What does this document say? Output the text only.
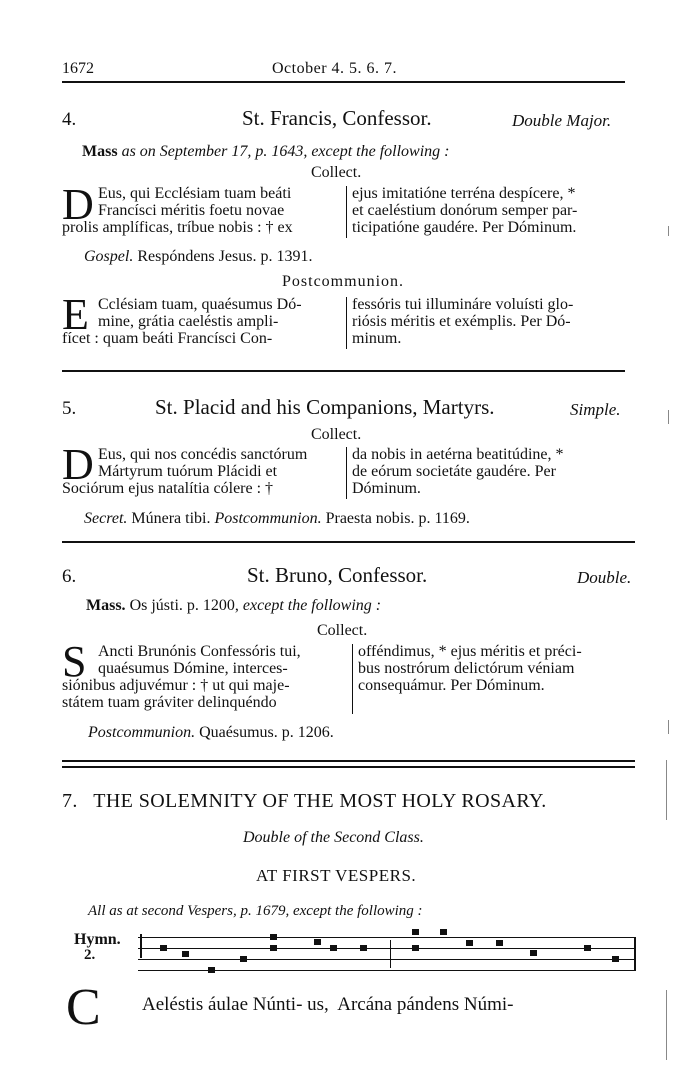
1672	October 4. 5. 6. 7.
4.	St. Francis, Confessor.	Double Major.
Mass as on September 17, p. 1643, except the following :
Collect.
D Eus, qui Ecclésiam tuam beáti
Francísci méritis foetu novae
prolis amplíficas, tríbue nobis : † ex
ejus imitatióne terréna despícere, *
et caeléstium donórum semper par-
ticipatióne gaudére. Per Dóminum.
Gospel. Respóndens Jesus. p. 1391.
Postcommunion.
E Cclésiam tuam, quaésumus Dó-
mine, grátia caeléstis ampli-
fícet : quam beáti Francísci Con-
fessóris tui illumináre voluísti glo-
riósis méritis et exémplis. Per Dó-
minum.
5.	St. Placid and his Companions, Martyrs.	Simple.
Collect.
D Eus, qui nos concédis sanctórum
Mártyrum tuórum Plácidi et
Sociórum ejus natalítia cólere : †
da nobis in aetérna beatitúdine, *
de eórum societáte gaudére. Per
Dóminum.
Secret. Múnera tibi. Postcommunion. Praesta nobis. p. 1169.
6.	St. Bruno, Confessor.	Double.
Mass. Os jústi. p. 1200, except the following :
Collect.
S Ancti Brunónis Confessóris tui,
quaésumus Dómine, interces-
siónibus adjuvémur : † ut qui maje-
státem tuam gráviter delinquéndo
offéndimus, * ejus méritis et préci-
bus nostrórum delictórum véniam
consequámur. Per Dóminum.
Postcommunion. Quaésumus. p. 1206.
7. THE SOLEMNITY OF THE MOST HOLY ROSARY.
Double of the Second Class.
AT FIRST VESPERS.
All as at second Vespers, p. 1679, except the following :
Hymn.
2.
C Aeléstis áulae Núnti- us,  Arcána pándens Númi-
